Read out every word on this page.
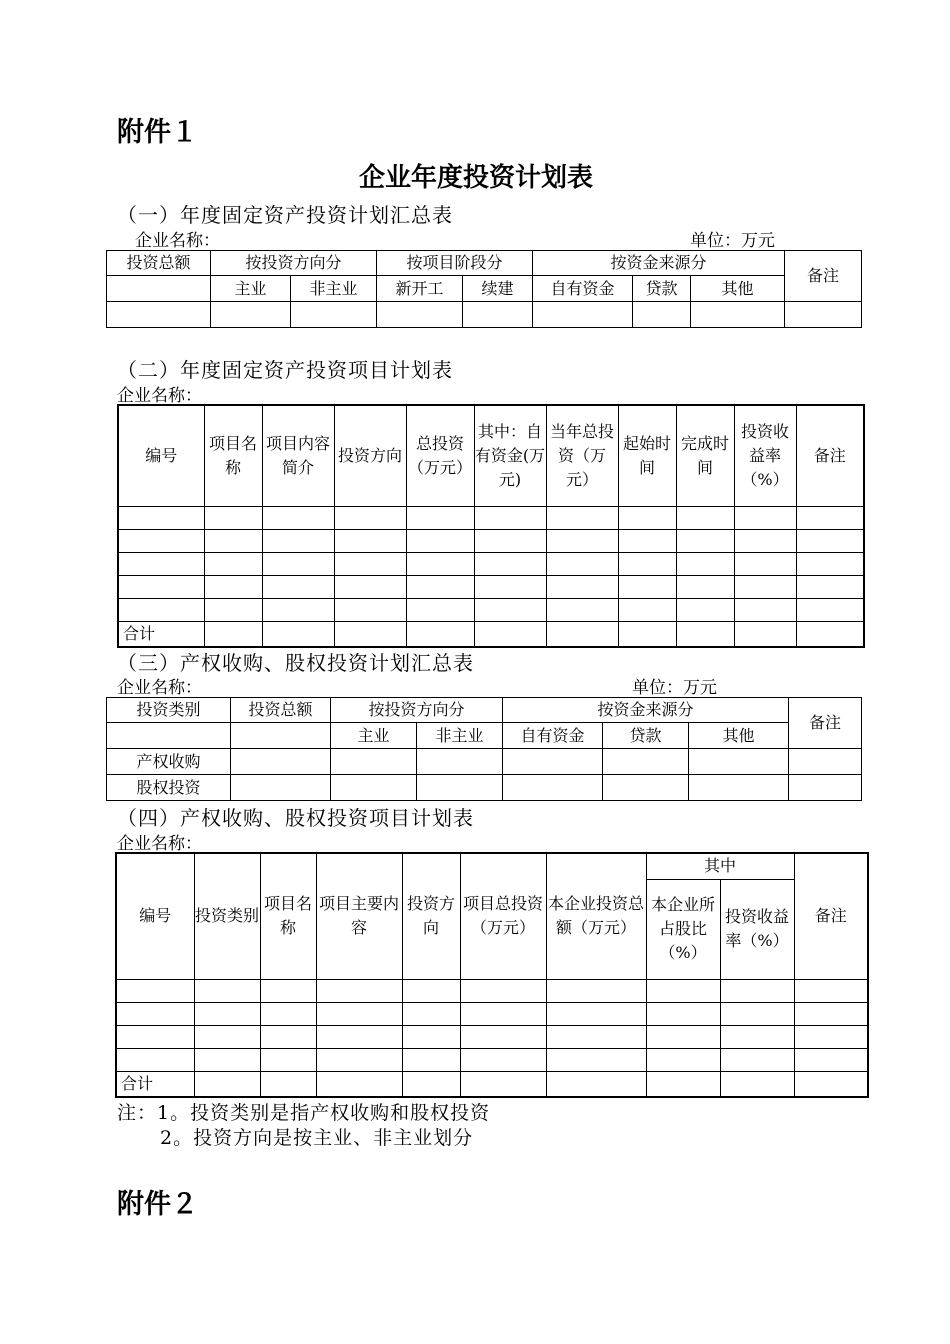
附件１
企业年度投资计划表
（一）年度固定资产投资计划汇总表
企业名称：	单位：万元
投资总额	按投资方向分		按项目阶段分		按资金来源分			备注
	主业	非主业	新开工	续建	自有资金	贷款	其他	

（二）年度固定资产投资项目计划表
企业名称：
编号	项目名称	项目内容简介	投资方向	总投资（万元）	其中：自有资金(万元)	当年总投资（万元）	起始时间	完成时间	投资收益率（%）	备注

合计										
（三）产权收购、股权投资计划汇总表
企业名称：	单位：万元
投资类别	投资总额	按投资方向分		按资金来源分			备注
		主业	非主业	自有资金	贷款	其他	
产权收购							
股权投资							
（四）产权收购、股权投资项目计划表
企业名称：
编号	投资类别	项目名称	项目主要内容	投资方向	项目总投资（万元）	本企业投资总额（万元）	其中		备注
							本企业所占股比（%）	投资收益率（%）	

合计									
注：1。投资类别是指产权收购和股权投资
2。投资方向是按主业、非主业划分
附件２
